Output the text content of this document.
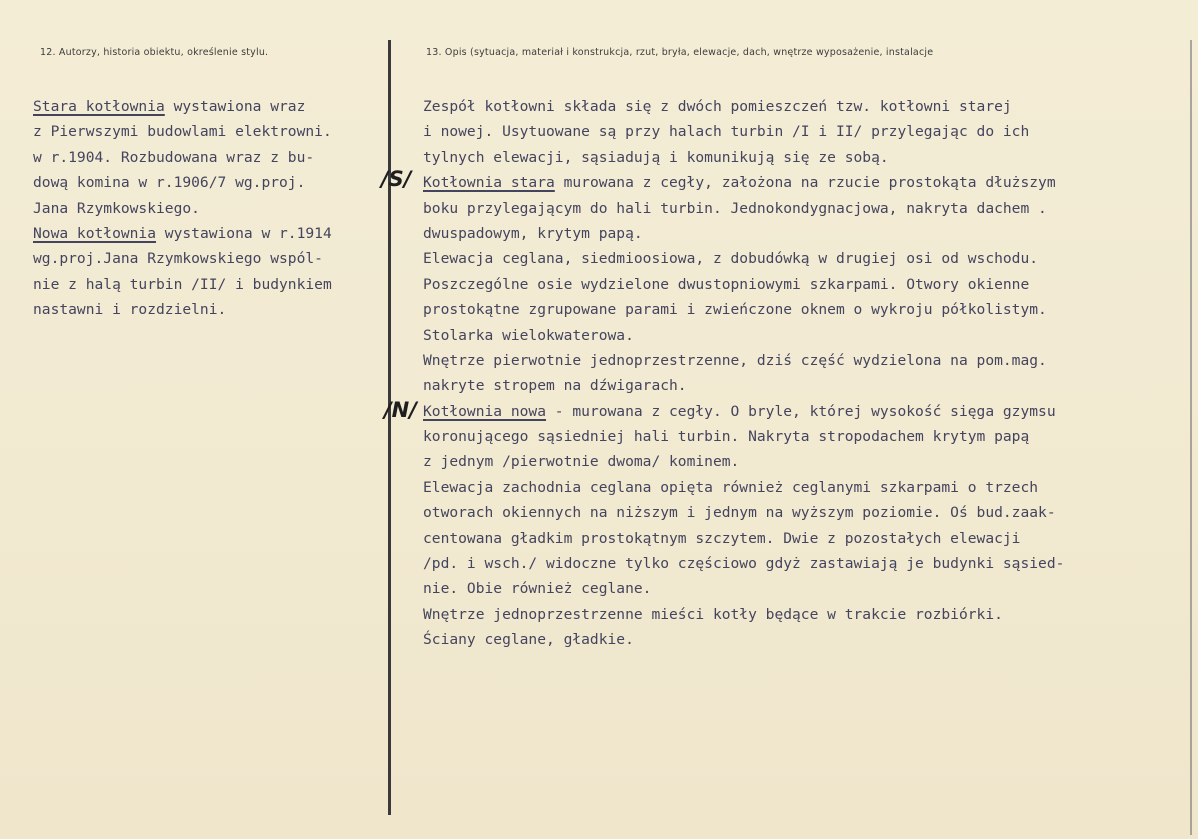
12. Autorzy, historia obiektu, określenie stylu.	13. Opis (sytuacja, materiał i konstrukcja, rzut, bryła, elewacje, dach, wnętrze wyposażenie, instalacje
/S/
/N/
Stara kotłownia wystawiona wraz
z Pierwszymi budowlami elektrowni.
w r.1904. Rozbudowana wraz z bu-
dową komina w r.1906/7 wg.proj.
Jana Rzymkowskiego.
Nowa kotłownia wystawiona w r.1914
wg.proj.Jana Rzymkowskiego wspól-
nie z halą turbin /II/ i budynkiem
nastawni i rozdzielni.
Zespół kotłowni składa się z dwóch pomieszczeń tzw. kotłowni starej
i nowej. Usytuowane są przy halach turbin /I i II/ przylegając do ich
tylnych elewacji, sąsiadują i komunikują się ze sobą.
Kotłownia stara murowana z cegły, założona na rzucie prostokąta dłuższym
boku przylegającym do hali turbin. Jednokondygnacjowa, nakryta dachem .
dwuspadowym, krytym papą.
Elewacja ceglana, siedmioosiowa, z dobudówką w drugiej osi od wschodu.
Poszczególne osie wydzielone dwustopniowymi szkarpami. Otwory okienne
prostokątne zgrupowane parami i zwieńczone oknem o wykroju półkolistym.
Stolarka wielokwaterowa.
Wnętrze pierwotnie jednoprzestrzenne, dziś część wydzielona na pom.mag.
nakryte stropem na dźwigarach.
Kotłownia nowa - murowana z cegły. O bryle, której wysokość sięga gzymsu
koronującego sąsiedniej hali turbin. Nakryta stropodachem krytym papą
z jednym /pierwotnie dwoma/ kominem.
Elewacja zachodnia ceglana opięta również ceglanymi szkarpami o trzech
otworach okiennych na niższym i jednym na wyższym poziomie. Oś bud.zaak-
centowana gładkim prostokątnym szczytem. Dwie z pozostałych elewacji
/pd. i wsch./ widoczne tylko częściowo gdyż zastawiają je budynki sąsied-
nie. Obie również ceglane.
Wnętrze jednoprzestrzenne mieści kotły będące w trakcie rozbiórki.
Ściany ceglane, gładkie.
